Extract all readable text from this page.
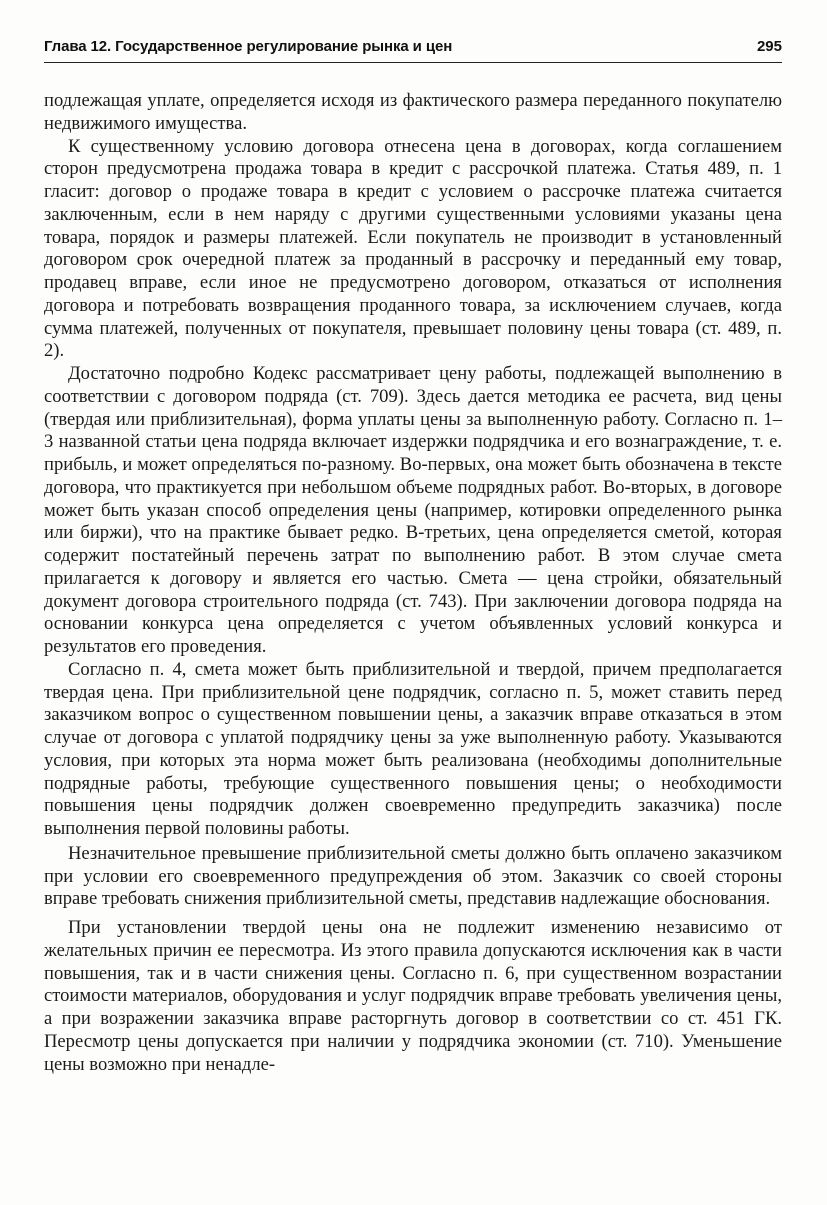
Глава 12. Государственное регулирование рынка и цен	295

подлежащая уплате, определяется исходя из фактического размера переданного покупателю недвижимого имущества.

К существенному условию договора отнесена цена в договорах, когда соглашением сторон предусмотрена продажа товара в кредит с рассрочкой платежа. Статья 489, п. 1 гласит: договор о продаже товара в кредит с условием о рассрочке платежа считается заключенным, если в нем наряду с другими существенными условиями указаны цена товара, порядок и размеры платежей. Если покупатель не производит в установленный договором срок очередной платеж за проданный в рассрочку и переданный ему товар, продавец вправе, если иное не предусмотрено договором, отказаться от исполнения договора и потребовать возвращения проданного товара, за исключением случаев, когда сумма платежей, полученных от покупателя, превышает половину цены товара (ст. 489, п. 2).

Достаточно подробно Кодекс рассматривает цену работы, подлежащей выполнению в соответствии с договором подряда (ст. 709). Здесь дается методика ее расчета, вид цены (твердая или приблизительная), форма уплаты цены за выполненную работу. Согласно п. 1–3 названной статьи цена подряда включает издержки подрядчика и его вознаграждение, т. е. прибыль, и может определяться по-разному. Во-первых, она может быть обозначена в тексте договора, что практикуется при небольшом объеме подрядных работ. Во-вторых, в договоре может быть указан способ определения цены (например, котировки определенного рынка или биржи), что на практике бывает редко. В-третьих, цена определяется сметой, которая содержит постатейный перечень затрат по выполнению работ. В этом случае смета прилагается к договору и является его частью. Смета — цена стройки, обязательный документ договора строительного подряда (ст. 743). При заключении договора подряда на основании конкурса цена определяется с учетом объявленных условий конкурса и результатов его проведения.

Согласно п. 4, смета может быть приблизительной и твердой, причем предполагается твердая цена. При приблизительной цене подрядчик, согласно п. 5, может ставить перед заказчиком вопрос о существенном повышении цены, а заказчик вправе отказаться в этом случае от договора с уплатой подрядчику цены за уже выполненную работу. Указываются условия, при которых эта норма может быть реализована (необходимы дополнительные подрядные работы, требующие существенного повышения цены; о необходимости повышения цены подрядчик должен своевременно предупредить заказчика) после выполнения первой половины работы.

Незначительное превышение приблизительной сметы должно быть оплачено заказчиком при условии его своевременного предупреждения об этом. Заказчик со своей стороны вправе требовать снижения приблизительной сметы, представив надлежащие обоснования.

При установлении твердой цены она не подлежит изменению независимо от желательных причин ее пересмотра. Из этого правила допускаются исключения как в части повышения, так и в части снижения цены. Согласно п. 6, при существенном возрастании стоимости материалов, оборудования и услуг подрядчик вправе требовать увеличения цены, а при возражении заказчика вправе расторгнуть договор в соответствии со ст. 451 ГК. Пересмотр цены допускается при наличии у подрядчика экономии (ст. 710). Уменьшение цены возможно при ненадле-
